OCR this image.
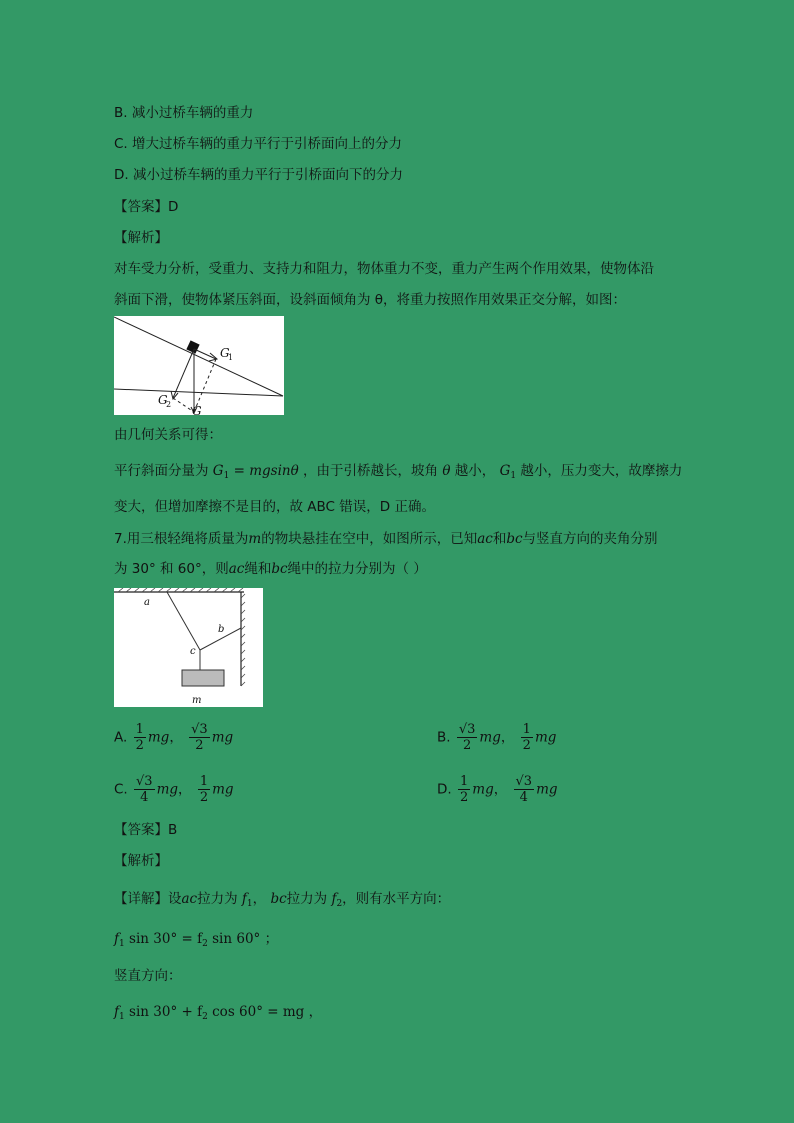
B. 减小过桥车辆的重力
C. 增大过桥车辆的重力平行于引桥面向上的分力
D. 减小过桥车辆的重力平行于引桥面向下的分力
【答案】D
【解析】
对车受力分析，受重力、支持力和阻力，物体重力不变，重力产生两个作用效果，使物体沿
斜面下滑，使物体紧压斜面，设斜面倾角为 θ，将重力按照作用效果正交分解，如图：
G
1
G
2 G
由几何关系可得：
平行斜面分量为 $G_1 = mgsin\theta$ ，由于引桥越长，坡角 θ 越小， $G_1$ 越小，压力变大，故摩擦力
变大，但增加摩擦不是目的，故 ABC 错误，D 正确。
7.用三根轻绳将质量为m的物块悬挂在空中，如图所示，已知ac和bc与竖直方向的夹角分别
为 30° 和 60°，则ac绳和bc绳中的拉力分别为（ ）
a
b
c
m
A. $\frac{1}{2}$ mg， $\frac{√3}{2}$ mg	B. $\frac{√3}{2}$ mg， $\frac{1}{2}$ mg
C. $\frac{√3}{4}$ mg， $\frac{1}{2}$ mg	D. $\frac{1}{2}$ mg， $\frac{√3}{4}$ mg
【答案】B
【解析】
【详解】设ac拉力为 $f_1$， bc拉力为 $f_2$，则有水平方向：
$f_1$ $\sin 30^\circ = f_2$ sin 60° ；
竖直方向：
$f_1$ $\sin 30^\circ + f_2$ cos 60° = mg ，
